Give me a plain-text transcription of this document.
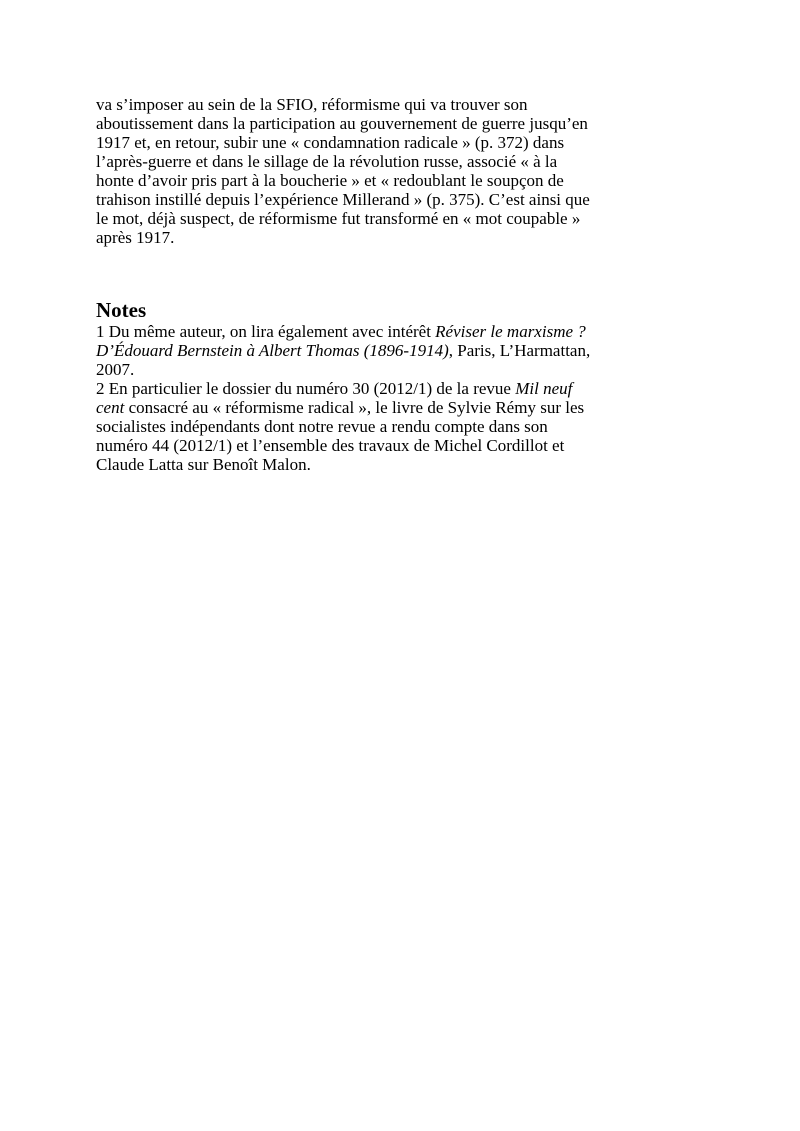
va s’imposer au sein de la SFIO, réformisme qui va trouver son
aboutissement dans la participation au gouvernement de guerre jusqu’en
1917 et, en retour, subir une « condamnation radicale » (p. 372) dans
l’après-guerre et dans le sillage de la révolution russe, associé « à la
honte d’avoir pris part à la boucherie » et « redoublant le soupçon de
trahison instillé depuis l’expérience Millerand » (p. 375). C’est ainsi que
le mot, déjà suspect, de réformisme fut transformé en « mot coupable »
après 1917.
Notes
1 Du même auteur, on lira également avec intérêt Réviser le marxisme ?
D’Édouard Bernstein à Albert Thomas (1896-1914), Paris, L’Harmattan,
2007.
2 En particulier le dossier du numéro 30 (2012/1) de la revue Mil neuf
cent consacré au « réformisme radical », le livre de Sylvie Rémy sur les
socialistes indépendants dont notre revue a rendu compte dans son
numéro 44 (2012/1) et l’ensemble des travaux de Michel Cordillot et
Claude Latta sur Benoît Malon.
